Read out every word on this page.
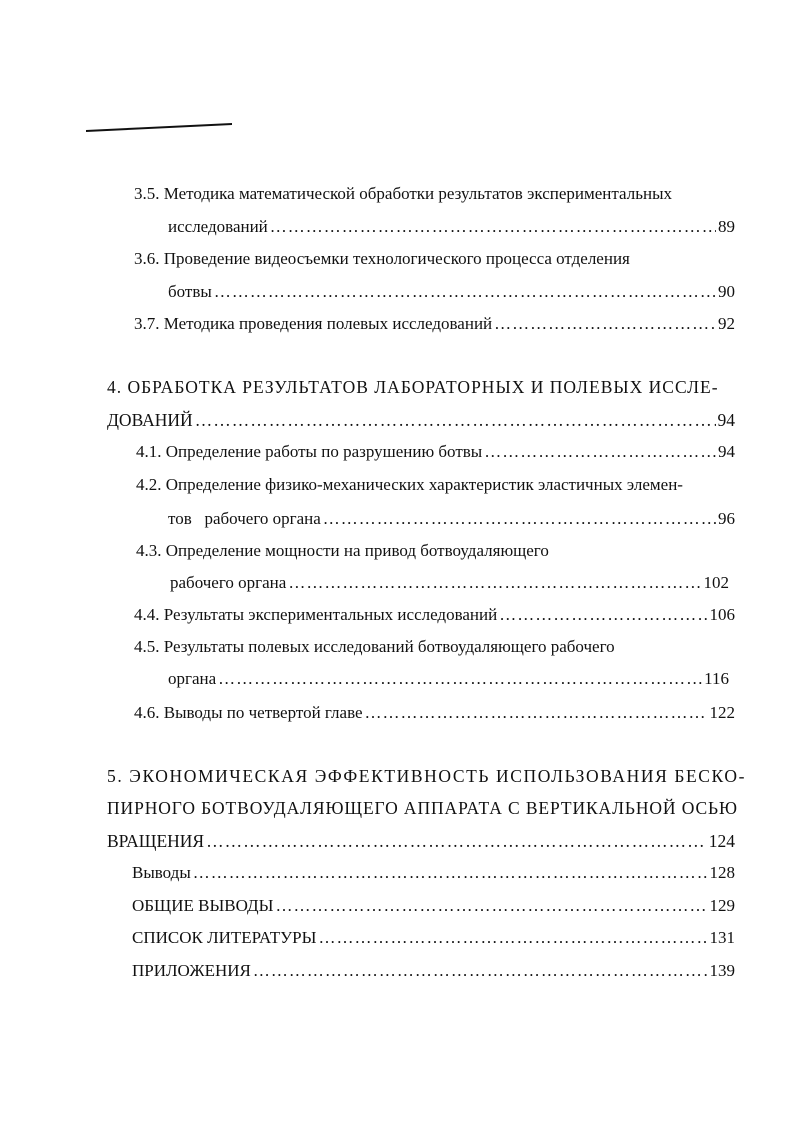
3.5. Методика математической обработки результатов экспериментальных
исследований ………………………………………………………………………………………………………………………………………………………………………………	89
3.6. Проведение видеосъемки технологического процесса отделения
ботвы ………………………………………………………………………………………………………………………………………………………………………………	90
3.7. Методика проведения полевых исследований ………………………………………………………………………………………………………………………………………………………………………………	92
4. ОБРАБОТКА РЕЗУЛЬТАТОВ ЛАБОРАТОРНЫХ И ПОЛЕВЫХ ИССЛЕ-
ДОВАНИЙ ………………………………………………………………………………………………………………………………………………………………………………	94
4.1. Определение работы по разрушению ботвы ………………………………………………………………………………………………………………………………………………………………………………	94
4.2. Определение физико-механических характеристик эластичных элемен-
тов   рабочего органа ………………………………………………………………………………………………………………………………………………………………………………	96
4.3. Определение мощности на привод ботвоудаляющего
рабочего органа ………………………………………………………………………………………………………………………………………………………………………………	102
4.4. Результаты экспериментальных исследований ………………………………………………………………………………………………………………………………………………………………………………	106
4.5. Результаты полевых исследований ботвоудаляющего рабочего
органа ………………………………………………………………………………………………………………………………………………………………………………	116
4.6. Выводы по четвертой главе ………………………………………………………………………………………………………………………………………………………………………………	122
5. ЭКОНОМИЧЕСКАЯ ЭФФЕКТИВНОСТЬ ИСПОЛЬЗОВАНИЯ БЕСКО-
ПИРНОГО БОТВОУДАЛЯЮЩЕГО АППАРАТА С ВЕРТИКАЛЬНОЙ ОСЬЮ
ВРАЩЕНИЯ ………………………………………………………………………………………………………………………………………………………………………………	124
Выводы ………………………………………………………………………………………………………………………………………………………………………………	128
ОБЩИЕ ВЫВОДЫ ………………………………………………………………………………………………………………………………………………………………………………	129
СПИСОК ЛИТЕРАТУРЫ ………………………………………………………………………………………………………………………………………………………………………………	131
ПРИЛОЖЕНИЯ ………………………………………………………………………………………………………………………………………………………………………………	139
